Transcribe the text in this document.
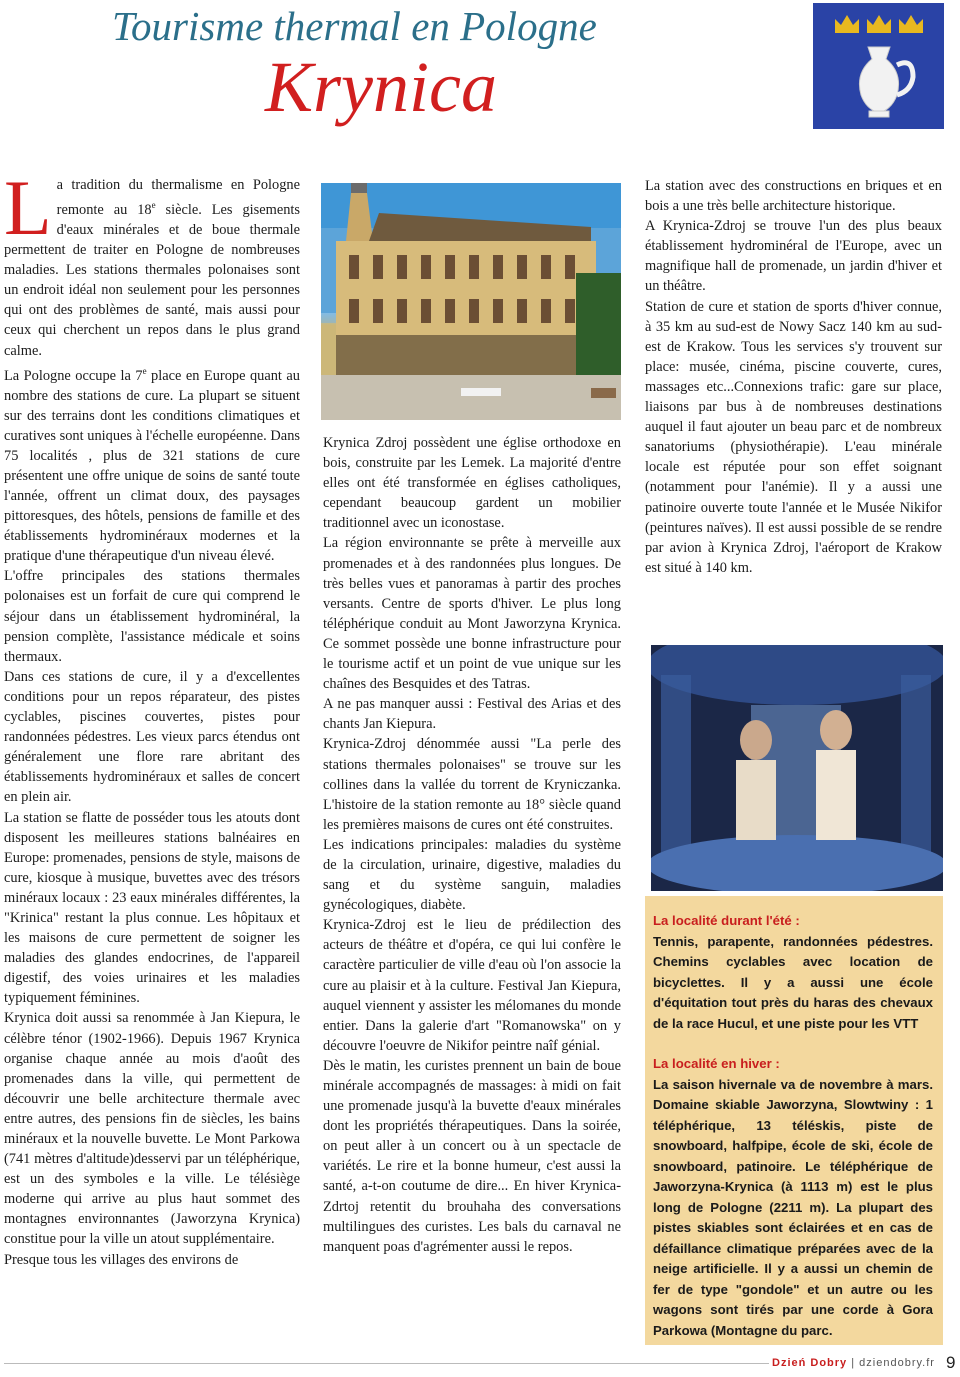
Tourisme thermal en Pologne
Krynica

La tradition du thermalisme en Pologne remonte au 18e siècle. Les gisements d'eaux minérales et de boue thermale permettent de traiter en Pologne de nombreuses maladies. Les stations thermales polonaises sont un endroit idéal non seulement pour les personnes qui ont des problèmes de santé, mais aussi pour ceux qui cherchent un repos dans le plus grand calme.

La Pologne occupe la 7e place en Europe quant au nombre des stations de cure. La plupart se situent sur des terrains dont les conditions climatiques et curatives sont uniques à l'échelle européenne. Dans 75 localités , plus de 321 stations de cure présentent une offre unique de soins de santé toute l'année, offrent un climat doux, des paysages pittoresques, des hôtels, pensions de famille et des établissements hydrominéraux modernes et la pratique d'une thérapeutique d'un niveau élevé.

L'offre principales des stations thermales polonaises est un forfait de cure qui comprend le séjour dans un établissement hydrominéral, la pension complète, l'assistance médicale et soins thermaux.

Dans ces stations de cure, il y a d'excellentes conditions pour un repos réparateur, des pistes cyclables, piscines couvertes, pistes pour randonnées pédestres. Les vieux parcs étendus ont généralement une flore rare abritant des établissements hydrominéraux et salles de concert en plein air.

La station se flatte de posséder tous les atouts dont disposent les meilleures stations balnéaires en Europe: promenades, pensions de style, maisons de cure, kiosque à musique, buvettes avec des trésors minéraux locaux : 23 eaux minérales différentes, la "Krinica" restant la plus connue. Les hôpitaux et les maisons de cure permettent de soigner les maladies des glandes endocrines, de l'appareil digestif, des voies urinaires et les maladies typiquement féminines.

Krynica doit aussi sa renommée à Jan Kiepura, le célèbre ténor (1902-1966). Depuis 1967 Krynica organise chaque année au mois d'août des promenades dans la ville, qui permettent de découvrir une belle architecture thermale avec entre autres, des pensions fin de siècles, les bains minéraux et la nouvelle buvette. Le Mont Parkowa (741 mètres d'altitude)desservi par un téléphérique, est un des symboles e la ville. Le télésiège moderne qui arrive au plus haut sommet des montagnes environnantes (Jaworzyna Krynica) constitue pour la ville un atout supplémentaire.

Presque tous les villages des environs de

Krynica Zdroj possèdent une église orthodoxe en bois, construite par les Lemek. La majorité d'entre elles ont été transformée en églises catholiques, cependant beaucoup gardent un mobilier traditionnel avec un iconostase.

La région environnante se prête à merveille aux promenades et à des randonnées plus longues. De très belles vues et panoramas à partir des proches versants. Centre de sports d'hiver. Le plus long téléphérique conduit au Mont Jaworzyna Krynica. Ce sommet possède une bonne infrastructure pour le tourisme actif et un point de vue unique sur les chaînes des Besquides et des Tatras.

A ne pas manquer aussi : Festival des Arias et des chants Jan Kiepura.

Krynica-Zdroj dénommée aussi "La perle des stations thermales polonaises" se trouve sur les collines dans la vallée du torrent de Kryniczanka. L'histoire de la station remonte au 18° siècle quand les premières maisons de cures ont été construites.

Les indications principales: maladies du système de la circulation, urinaire, digestive, maladies du sang et du système sanguin, maladies gynécologiques, diabète.

Krynica-Zdroj est le lieu de prédilection des acteurs de théâtre et d'opéra, ce qui lui confère le caractère particulier de ville d'eau où l'on associe la cure au plaisir et à la culture. Festival Jan Kiepura, auquel viennent y assister les mélomanes du monde entier. Dans la galerie d'art "Romanowska" on y découvre l'oeuvre de Nikifor peintre naîf génial.

Dès le matin, les curistes prennent un bain de boue minérale accompagnés de massages: à midi on fait une promenade jusqu'à la buvette d'eaux minérales dont les propriétés thérapeutiques. Dans la soirée, on peut aller à un concert ou à un spectacle de variétés. Le rire et la bonne humeur, c'est aussi la santé, a-t-on coutume de dire... En hiver Krynica-Zdrtoj retentit du brouhaha des conversations multilingues des curistes. Les bals du carnaval ne manquent poas d'agrémenter aussi le repos.

La station avec des constructions en briques et en bois a une très belle architecture historique.

A Krynica-Zdroj se trouve l'un des plus beaux établissement hydrominéral de l'Europe, avec un magnifique hall de promenade, un jardin d'hiver et un théâtre.

Station de cure et station de sports d'hiver connue, à 35 km au sud-est de Nowy Sacz 140 km au sud-est de Krakow. Tous les services s'y trouvent sur place: musée, cinéma, piscine couverte, cures, massages etc...Connexions trafic: gare sur place, liaisons par bus à de nombreuses destinations auquel il faut ajouter un beau parc et de nombreux sanatoriums (physiothérapie). L'eau minérale locale est réputée pour son effet soignant (notamment pour l'anémie). Il y a aussi une patinoire ouverte toute l'année et le Musée Nikifor (peintures naïves). Il est aussi possible de se rendre par avion à Krynica Zdroj, l'aéroport de Krakow est situé à 140 km.

La localité durant l'été :
Tennis, parapente, randonnées pédestres. Chemins cyclables avec location de bicyclettes. Il y a aussi une école d'équitation tout près du haras des chevaux de la race Hucul, et une piste pour les VTT

La localité en hiver :
La saison hivernale va de novembre à mars. Domaine skiable Jaworzyna, Slowtwiny : 1 téléphérique, 13 téléskis, piste de snowboard, halfpipe, école de ski, école de snowboard, patinoire. Le téléphérique de Jaworzyna-Krynica (à 1113 m) est le plus long de Pologne (2211 m). La plupart des pistes skiables sont éclairées et en cas de défaillance climatique préparées avec de la neige artificielle. Il y a aussi un chemin de fer de type "gondole" et un autre ou les wagons sont tirés par une corde à Gora Parkowa (Montagne du parc.

Dzień Dobry | dziendobry.fr 9
